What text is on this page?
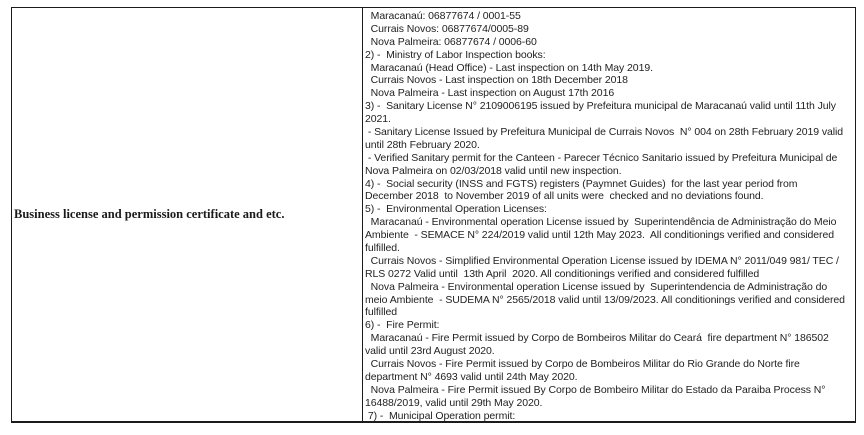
Business license and permission certificate and etc.
Maracanaú: 06877674 / 0001-55
Currais Novos: 06877674/0005-89
Nova Palmeira: 06877674 / 0006-60
2) -  Ministry of Labor Inspection books:
Maracanaú (Head Office) - Last inspection on 14th May 2019.
Currais Novos - Last inspection on 18th December 2018
Nova Palmeira - Last inspection on August 17th 2016
3) -  Sanitary License N° 2109006195 issued by Prefeitura municipal de Maracanaú valid until 11th July
2021.
- Sanitary License Issued by Prefeitura Municipal de Currais Novos  N° 004 on 28th February 2019 valid
until 28th February 2020.
- Verified Sanitary permit for the Canteen - Parecer Técnico Sanitario issued by Prefeitura Municipal de
Nova Palmeira on 02/03/2018 valid until new inspection.
4) -  Social security (INSS and FGTS) registers (Paymnet Guides)  for the last year period from
December 2018  to November 2019 of all units were  checked and no deviations found.
5) -  Environmental Operation Licenses:
Maracanaú - Environmental operation License issued by  Superintendência de Administração do Meio
Ambiente  - SEMACE N° 224/2019 valid until 12th May 2023.  All conditionings verified and considered
fulfilled.
Currais Novos - Simplified Environmental Operation License issued by IDEMA N° 2011/049 981/ TEC /
RLS 0272 Valid until  13th April  2020. All conditionings verified and considered fulfilled
Nova Palmeira - Environmental operation License issued by  Superintendencia de Administração do
meio Ambiente  - SUDEMA N° 2565/2018 valid until 13/09/2023. All conditionings verified and considered
fulfilled
6) -  Fire Permit:
Maracanaú - Fire Permit issued by Corpo de Bombeiros Militar do Ceará  fire department N° 186502
valid until 23rd August 2020.
Currais Novos - Fire Permit issued by Corpo de Bombeiros Militar do Rio Grande do Norte fire
department N° 4693 valid until 24th May 2020.
Nova Palmeira - Fire Permit issued By Corpo de Bombeiro Militar do Estado da Paraiba Process N°
16488/2019, valid until 29th May 2020.
7) -  Municipal Operation permit:
